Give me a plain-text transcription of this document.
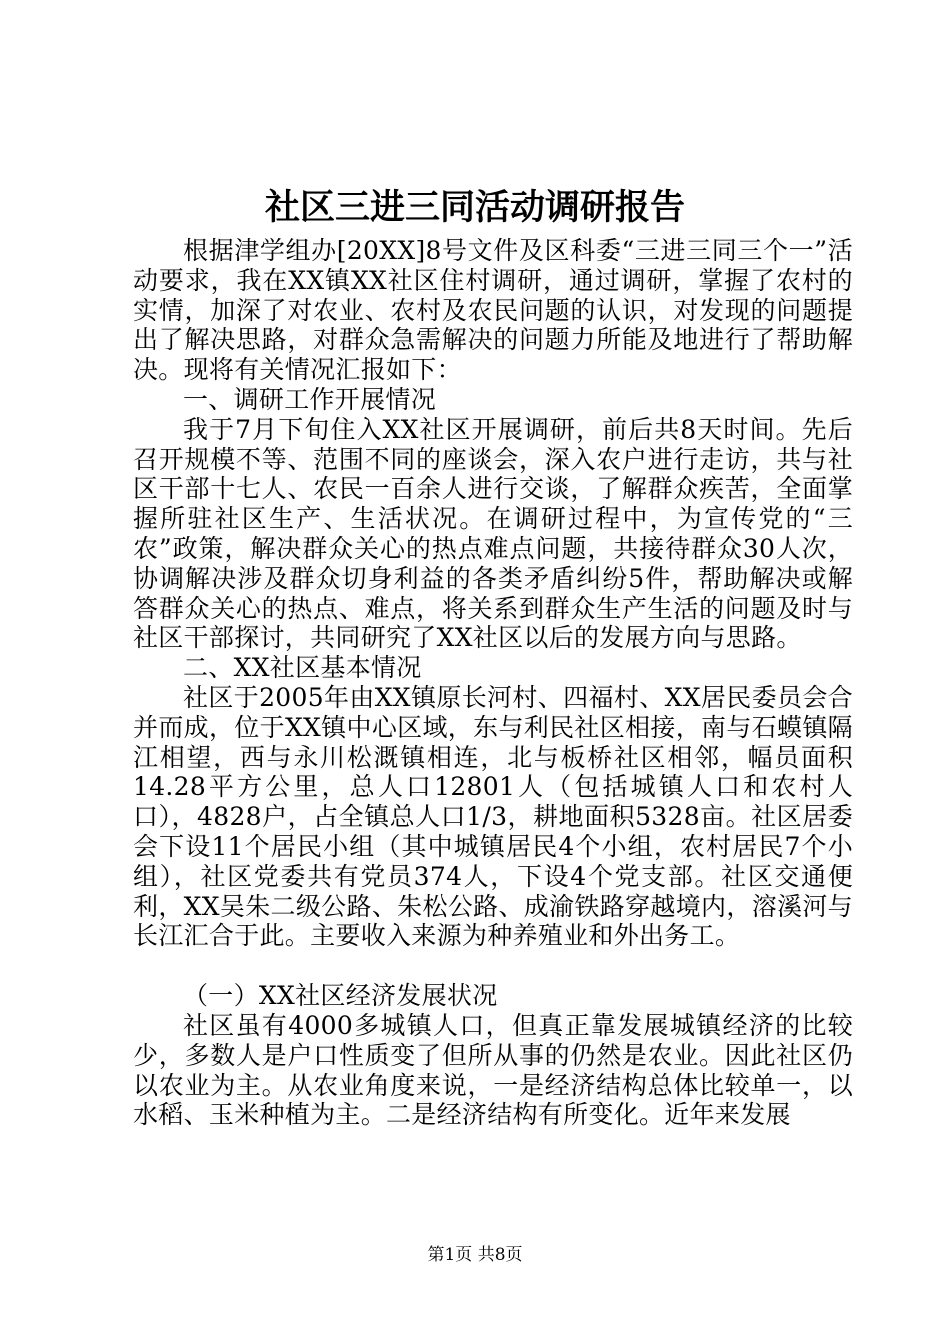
社区三进三同活动调研报告

根据津学组办[20XX]8号文件及区科委“三进三同三个一”活动要求，我在XX镇XX社区住村调研，通过调研，掌握了农村的实情，加深了对农业、农村及农民问题的认识，对发现的问题提出了解决思路，对群众急需解决的问题力所能及地进行了帮助解决。现将有关情况汇报如下：

一、调研工作开展情况

我于7月下旬住入XX社区开展调研，前后共8天时间。先后召开规模不等、范围不同的座谈会，深入农户进行走访，共与社区干部十七人、农民一百余人进行交谈，了解群众疾苦，全面掌握所驻社区生产、生活状况。在调研过程中，为宣传党的“三农”政策，解决群众关心的热点难点问题，共接待群众30人次，协调解决涉及群众切身利益的各类矛盾纠纷5件，帮助解决或解答群众关心的热点、难点，将关系到群众生产生活的问题及时与社区干部探讨，共同研究了XX社区以后的发展方向与思路。

二、XX社区基本情况

社区于2005年由XX镇原长河村、四福村、XX居民委员会合并而成，位于XX镇中心区域，东与利民社区相接，南与石蟆镇隔江相望，西与永川松溉镇相连，北与板桥社区相邻，幅员面积14.28平方公里，总人口12801人（包括城镇人口和农村人口），4828户，占全镇总人口1/3，耕地面积5328亩。社区居委会下设11个居民小组（其中城镇居民4个小组，农村居民7个小组），社区党委共有党员374人，下设4个党支部。社区交通便利，XX吴朱二级公路、朱松公路、成渝铁路穿越境内，溶溪河与长江汇合于此。主要收入来源为种养殖业和外出务工。

（一）XX社区经济发展状况

社区虽有4000多城镇人口，但真正靠发展城镇经济的比较少，多数人是户口性质变了但所从事的仍然是农业。因此社区仍以农业为主。从农业角度来说，一是经济结构总体比较单一，以水稻、玉米种植为主。二是经济结构有所变化。近年来发展

第1页 共8页
